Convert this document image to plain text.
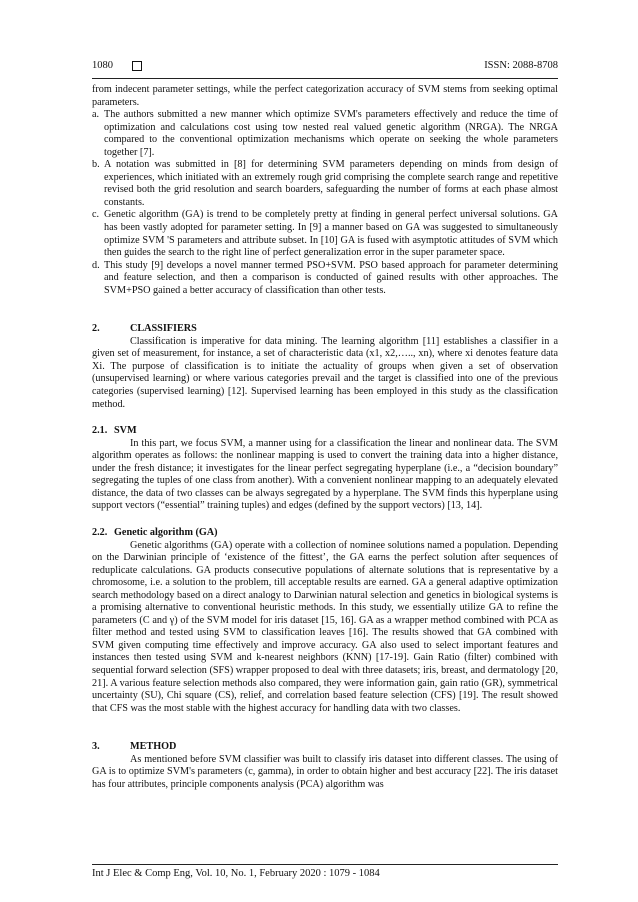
1080	ISSN: 2088-8708

from indecent parameter settings, while the perfect categorization accuracy of SVM stems from seeking optimal parameters.

a. The authors submitted a new manner which optimize SVM's parameters effectively and reduce the time of optimization and calculations cost using tow nested real valued genetic algorithm (NRGA). The NRGA compared to the conventional optimization mechanisms which operate on seeking the whole parameters together [7].
b. A notation was submitted in [8] for determining SVM parameters depending on minds from design of experiences, which initiated with an extremely rough grid comprising the complete search range and repetitive revised both the grid resolution and search boarders, safeguarding the number of forms at each phase almost constants.
c. Genetic algorithm (GA) is trend to be completely pretty at finding in general perfect universal solutions. GA has been vastly adopted for parameter setting. In [9] a manner based on GA was suggested to simultaneously optimize SVM 'S parameters and attribute subset. In [10] GA is fused with asymptotic attitudes of SVM which then guides the search to the right line of perfect generalization error in the super parameter space.
d. This study [9] develops a novel manner termed PSO+SVM. PSO based approach for parameter determining and feature selection, and then a comparison is conducted of gained results with other approaches. The SVM+PSO gained a better accuracy of classification than other tests.

2.	CLASSIFIERS

Classification is imperative for data mining. The learning algorithm [11] establishes a classifier in a given set of measurement, for instance, a set of characteristic data (x1, x2,….., xn), where xi denotes feature data Xi. The purpose of classification is to initiate the actuality of groups when given a set of observation (unsupervised learning) or where various categories prevail and the target is classified into one of the previous categories (supervised learning) [12]. Supervised learning has been employed in this study as the classification method.

2.1. SVM

In this part, we focus SVM, a manner using for a classification the linear and nonlinear data. The SVM algorithm operates as follows: the nonlinear mapping is used to convert the training data into a higher distance, under the fresh distance; it investigates for the linear perfect segregating hyperplane (i.e., a “decision boundary” segregating the tuples of one class from another). With a convenient nonlinear mapping to an adequately elevated distance, the data of two classes can be always segregated by a hyperplane. The SVM finds this hyperplane using support vectors (“essential” training tuples) and edges (defined by the support vectors) [13, 14].

2.2. Genetic algorithm (GA)

Genetic algorithms (GA) operate with a collection of nominee solutions named a population. Depending on the Darwinian principle of ‘existence of the fittest’, the GA earns the perfect solution after sequences of reduplicate calculations. GA products consecutive populations of alternate solutions that is representative by a chromosome, i.e. a solution to the problem, till acceptable results are earned. GA a general adaptive optimization search methodology based on a direct analogy to Darwinian natural selection and genetics in biological systems is a promising alternative to conventional heuristic methods. In this study, we essentially utilize GA to refine the parameters (C and γ) of the SVM model for iris dataset [15, 16]. GA as a wrapper method combined with PCA as filter method and tested using SVM to classification leaves [16]. The results showed that GA combined with SVM given computing time effectively and improve accuracy. GA also used to select important features and instances then tested using SVM and k-nearest neighbors (KNN) [17-19]. Gain Ratio (filter) combined with sequential forward selection (SFS) wrapper proposed to deal with three datasets; iris, breast, and dermatology [20, 21]. A various feature selection methods also compared, they were information gain, gain ratio (GR), symmetrical uncertainty (SU), Chi square (CS), relief, and correlation based feature selection (CFS) [19]. The result showed that CFS was the most stable with the highest accuracy for handling data with two classes.

3.	METHOD

As mentioned before SVM classifier was built to classify iris dataset into different classes. The using of GA is to optimize SVM's parameters (c, gamma), in order to obtain higher and best accuracy [22]. The iris dataset has four attributes, principle components analysis (PCA) algorithm was

Int J Elec & Comp Eng, Vol. 10, No. 1, February 2020 : 1079 - 1084
